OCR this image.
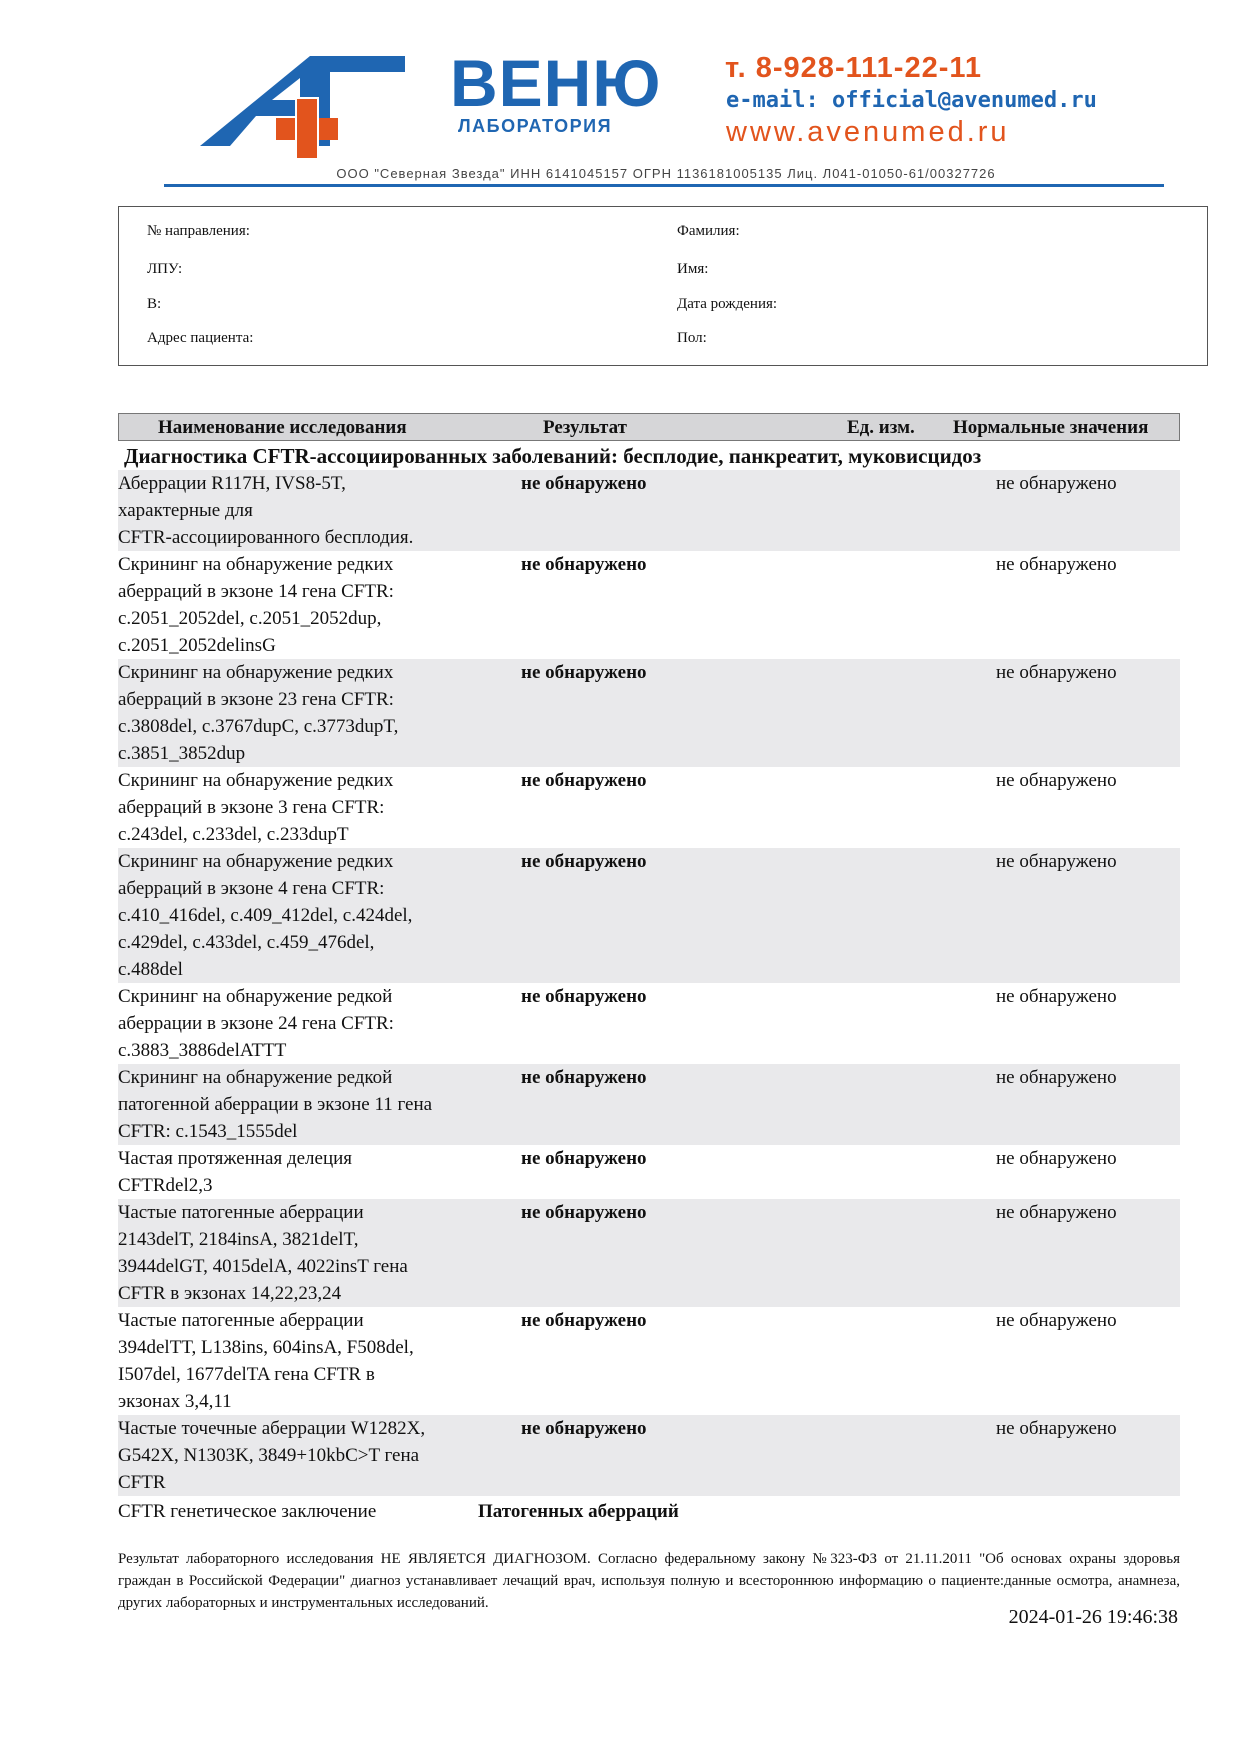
ВЕНЮ
ЛАБОРАТОРИЯ
т. 8-928-111-22-11
e-mail: official@avenumed.ru
www.avenumed.ru
ООО "Северная Звезда" ИНН 6141045157 ОГРН 1136181005135 Лиц. Л041-01050-61/00327726
№ направления:
ЛПУ:
В:
Адрес пациента:
Фамилия:
Имя:
Дата рождения:
Пол:
Наименование исследования	Результат	Ед. изм. Нормальные значения
Диагностика CFTR-ассоциированных заболеваний: бесплодие, панкреатит, муковисцидоз
Аберрации R117H, IVS8-5T,
характерные для
CFTR-ассоциированного бесплодия.
не обнаружено	не обнаружено
Скрининг на обнаружение редких
аберраций в экзоне 14 гена CFTR:
c.2051_2052del, c.2051_2052dup,
c.2051_2052delinsG
не обнаружено	не обнаружено
Скрининг на обнаружение редких
аберраций в экзоне 23 гена CFTR:
c.3808del, c.3767dupC, c.3773dupT,
c.3851_3852dup
не обнаружено	не обнаружено
Скрининг на обнаружение редких
аберраций в экзоне 3 гена CFTR:
c.243del, c.233del, c.233dupT
не обнаружено	не обнаружено
Скрининг на обнаружение редких
аберраций в экзоне 4 гена CFTR:
c.410_416del, c.409_412del, c.424del,
c.429del, c.433del, c.459_476del,
c.488del
не обнаружено	не обнаружено
Скрининг на обнаружение редкой
аберрации в экзоне 24 гена CFTR:
c.3883_3886delATTT
не обнаружено	не обнаружено
Скрининг на обнаружение редкой
патогенной аберрации в экзоне 11 гена
CFTR: c.1543_1555del
не обнаружено	не обнаружено
Частая протяженная делеция
CFTRdel2,3
не обнаружено	не обнаружено
Частые патогенные аберрации
2143delT, 2184insA, 3821delT,
3944delGT, 4015delA, 4022insT гена
CFTR в экзонах 14,22,23,24
не обнаружено	не обнаружено
Частые патогенные аберрации
394delTT, L138ins, 604insA, F508del,
I507del, 1677delTA гена CFTR в
экзонах 3,4,11
не обнаружено	не обнаружено
Частые точечные аберрации W1282X,
G542X, N1303K, 3849+10kbC>T гена
CFTR
не обнаружено	не обнаружено
CFTR генетическое заключение	Патогенных аберраций
Результат лабораторного исследования НЕ ЯВЛЯЕТСЯ ДИАГНОЗОМ. Согласно федеральному закону №323-ФЗ от 21.11.2011 "Об основах охраны здоровья граждан в Российской Федерации" диагноз устанавливает лечащий врач, используя полную и всестороннюю информацию о пациенте:данные осмотра, анамнеза, других лабораторных и инструментальных исследований.
2024-01-26 19:46:38
